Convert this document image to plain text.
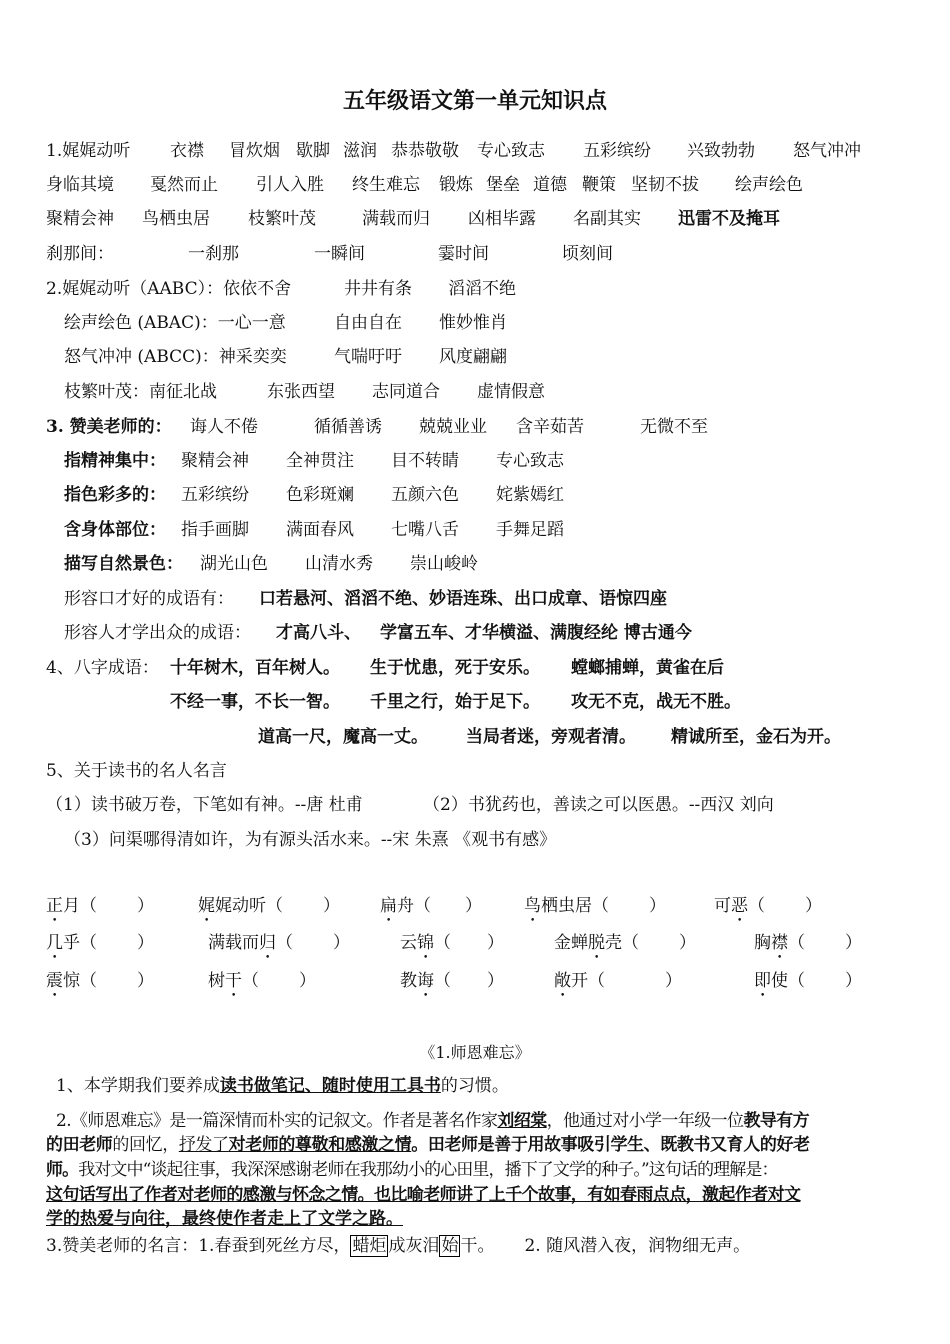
五年级语文第一单元知识点
1.娓娓动听 衣襟 冒炊烟 歇脚 滋润 恭恭敬敬 专心致志 五彩缤纷 兴致勃勃 怒气冲冲
身临其境 戛然而止 引人入胜 终生难忘 锻炼 堡垒 道德 鞭策 坚韧不拔 绘声绘色
聚精会神 鸟栖虫居 枝繁叶茂	满载而归 凶相毕露 名副其实 迅雷不及掩耳
刹那间：	一刹那	一瞬间	霎时间	顷刻间
2.娓娓动听（AABC）：依依不舍	井井有条 滔滔不绝
绘声绘色 (ABAC)：一心一意	自由自在 惟妙惟肖
怒气冲冲 (ABCC)：神采奕奕	气喘吁吁 风度翩翩
枝繁叶茂：南征北战	东张西望 志同道合 虚情假意
3. 赞美老师的： 诲人不倦	循循善诱 兢兢业业 含辛茹苦	无微不至
指精神集中： 聚精会神 全神贯注 目不转睛 专心致志
指色彩多的： 五彩缤纷 色彩斑斓 五颜六色 姹紫嫣红
含身体部位： 指手画脚 满面春风 七嘴八舌 手舞足蹈
描写自然景色： 湖光山色 山清水秀 崇山峻岭
形容口才好的成语有： 口若悬河、滔滔不绝、妙语连珠、出口成章、语惊四座
形容人才学出众的成语： 才高八斗、 学富五车、才华横溢、满腹经纶 博古通今
4、八字成语： 十年树木，百年树人。 生于忧患，死于安乐。 螳螂捕蝉，黄雀在后
不经一事，不长一智。 千里之行，始于足下。 攻无不克，战无不胜。
道高一尺，魔高一丈。 当局者迷，旁观者清。 精诚所至，金石为开。
5、关于读书的名人名言
（1）读书破万卷，下笔如有神。--唐 杜甫	（2）书犹药也，善读之可以医愚。--西汉 刘向
（3）问渠哪得清如许，为有源头活水来。--宋 朱熹 《观书有感》
正月（ ）	娓娓动听（ ） 扁舟（ ） 鸟栖虫居（ ）	可恶（ ）
几乎（ ）	满载而归（ ）	云锦（ ）	金蝉脱壳（ ）	胸襟（ ）
震惊（ ）	树干（ ）	教诲（ ）	敞开（	）	即使（ ）
《1.师恩难忘》
1、本学期我们要养成读书做笔记、随时使用工具书的习惯。
2.《师恩难忘》是一篇深情而朴实的记叙文。作者是著名作家刘绍棠，他通过对小学一年级一位教导有方
的田老师的回忆，抒发了对老师的尊敬和感激之情。田老师是善于用故事吸引学生、既教书又育人的好老
师。我对文中“谈起往事，我深深感谢老师在我那幼小的心田里，播下了文学的种子。”这句话的理解是：
这句话写出了作者对老师的感激与怀念之情。也比喻老师讲了上千个故事，有如春雨点点，激起作者对文
学的热爱与向往，最终使作者走上了文学之路。
3.赞美老师的名言：1.春蚕到死丝方尽， 蜡炬 成灰泪 始 干。 2. 随风潜入夜，润物细无声。
